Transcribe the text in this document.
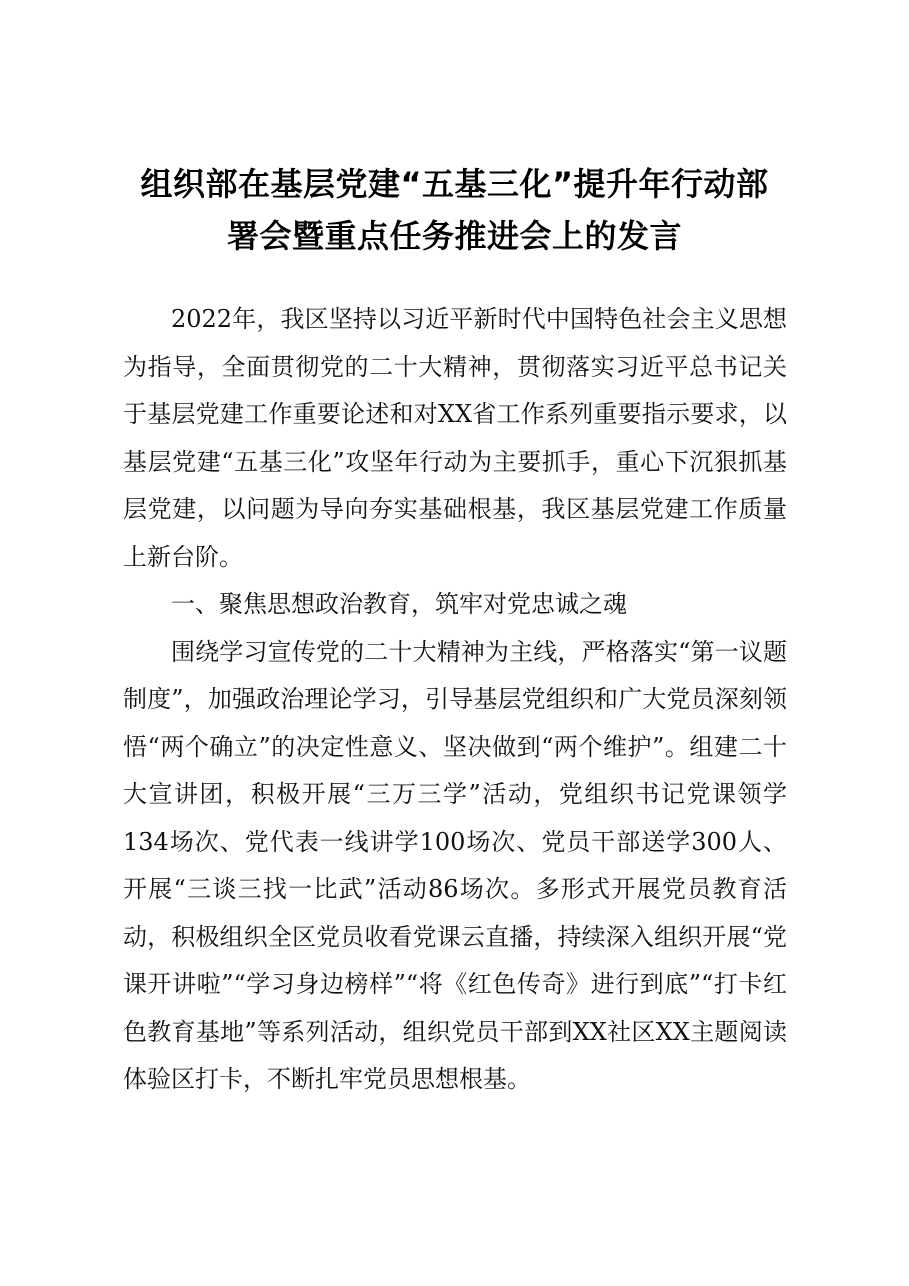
组织部在基层党建“五基三化”提升年行动部
署会暨重点任务推进会上的发言

2022年，我区坚持以习近平新时代中国特色社会主义思想为指导，全面贯彻党的二十大精神，贯彻落实习近平总书记关于基层党建工作重要论述和对XX省工作系列重要指示要求，以基层党建“五基三化”攻坚年行动为主要抓手，重心下沉狠抓基层党建，以问题为导向夯实基础根基，我区基层党建工作质量上新台阶。

一、聚焦思想政治教育，筑牢对党忠诚之魂

围绕学习宣传党的二十大精神为主线，严格落实“第一议题制度”，加强政治理论学习，引导基层党组织和广大党员深刻领悟“两个确立”的决定性意义、坚决做到“两个维护”。组建二十大宣讲团，积极开展“三万三学”活动，党组织书记党课领学134场次、党代表一线讲学100场次、党员干部送学300人、开展“三谈三找一比武”活动86场次。多形式开展党员教育活动，积极组织全区党员收看党课云直播，持续深入组织开展“党课开讲啦”“学习身边榜样”“将《红色传奇》进行到底”“打卡红色教育基地”等系列活动，组织党员干部到XX社区XX主题阅读体验区打卡，不断扎牢党员思想根基。
